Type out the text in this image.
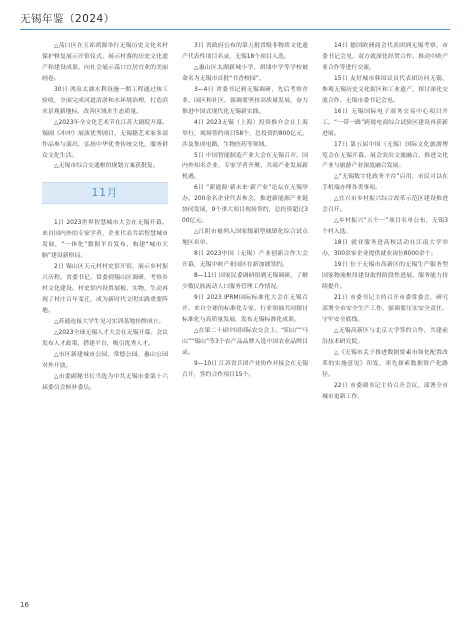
无锡年鉴（2024）

△荡口区在玉祁鸿源举行无锡历史文化名村保护修复展示开馆仪式，展示村落的历史文化遗产和建设成果，向社会展示荡口宜居宜业的美丽画卷。

30日 鸿泉太湖水利设施一期工程通过竣工验收，全面完成河道清淤和水环境治理，打造滨水景观新地标，改善区域水生态质量。

△2023年全文化艺术节在江苏大剧院开幕。锡剧《冲冲》展演优秀剧目，无锡籍艺术家多部作品参与演出，弘扬中华优秀传统文化，服务群众文化生活。

△无锡市综合交通枢纽规划方案获批复。

11月

1日 2023世界智慧城市大会在无锡开幕。来自国内外的专家学者、企业代表共话智慧城市发展，“一体化”数据平台发布，构建“城市大脑”建设新格局。

2日 锡山区天元村村史馆开馆，展示乡村振兴历程。省委书记、常委到锡山区调研，考察乡村文化建设。村史馆内设置展板、实物，生动再现了村庄百年变迁，成为新时代文明实践重要阵地。

△苏通连接大学生见习实训基地挂牌成立。

△2023全球无锡人才大会在无锡开幕。会议发布人才政策，搭建平台，吸引优秀人才。

△市区新建城市公园，常德公园、惠山公园对外开放。

△市委副秘书长当选为中共无锡市委第十六届委员会候补委员。

3日 省政府公布的第五批省级非物质文化遗产代表性项目名录，无锡18个项目入选。

△惠山区太湖新城小学、胡埭中学等学校被命名为无锡市首批“书香校园”。

3—4日 省委书记到无锡调研，先后考察企业、园区和社区，强调要坚持高质量发展，奋力推进中国式现代化无锡新实践。

4日 2023无锡（上海）投资推介会在上海举行，现场签约项目58个，总投资约800亿元，涉及集成电路、生物医药等领域。

5日 中国智能制造产业大会在无锡召开，国内外知名企业、专家学者齐聚，共商产业发展新机遇。

6日 “新能源·新未来·新产业”论坛在无锡举办。200余名企业代表参会，推进新能源产业链协同发展，9个重大项目现场签约，总投资超过300亿元。

△江阴市被列入国家级新型城镇化综合试点地区名单。

8日 2023中国（无锡）产业创新合作大会开幕，无锡中欧产业园区在新加坡签约。

8—11日 国家民委调研组到无锡调研，了解少数民族流动人口服务管理工作情况。

9日 2023 IPRM国际标准化大会在无锡召开。来自全球的标准化专家、行业领袖共同探讨标准化与高质量发展，发布无锡标准化成果。

△在第二十届中国国际农交会上，“阳山”“马山”“锡山”等3个农产品品牌入选中国农业品牌目录。

9—10日 江苏省兵团产业协作对接会在无锡召开，签约合作项目15个。

14日 德国欧洲商会代表团到无锡考察，市委书记会见，双方就深化经贸合作、推动中欧产业合作等进行交流。

15日 友好城市韩国议员代表团访问无锡，参观无锡历史文化街区和工业遗产，探讨深化交流合作。无锡市委书记会见。

16日 无锡国际电子商务交易中心项目开工，“一带一路”跨境电商综合试验区建设再获新进展。

17日 第五届中国（无锡）国际文化旅游博览会在无锡开幕，展会突出文旅融合，推进文化产业与旅游产业深度融合发展。

△“无锡数字化政务平台”启用，市民可以在手机端办理各类事项。

△宜兴市乡村振兴综合改革示范区建设推进会召开。

△乡村振兴“五个一”项目名单公布，无锡3个村入选。

18日 就业服务进高校活动在江南大学举办，300余家企业提供就业岗位8000余个。

19日 位于无锡市高新区的无锡生产服务型国家物流枢纽建设取得阶段性进展，服务能力持续提升。

21日 市委书记主持召开市委常委会，研究部署全市安全生产工作，强调要压实安全责任，守牢安全底线。

△无锡高新区与北京大学签约合作，共建前沿技术研究院。

△《无锡市关于推进数据要素市场化配置改革的实施意见》印发，率先探索数据资产化路径。

22日 市委副书记主持召开会议，部署全市城市更新工作。

16
